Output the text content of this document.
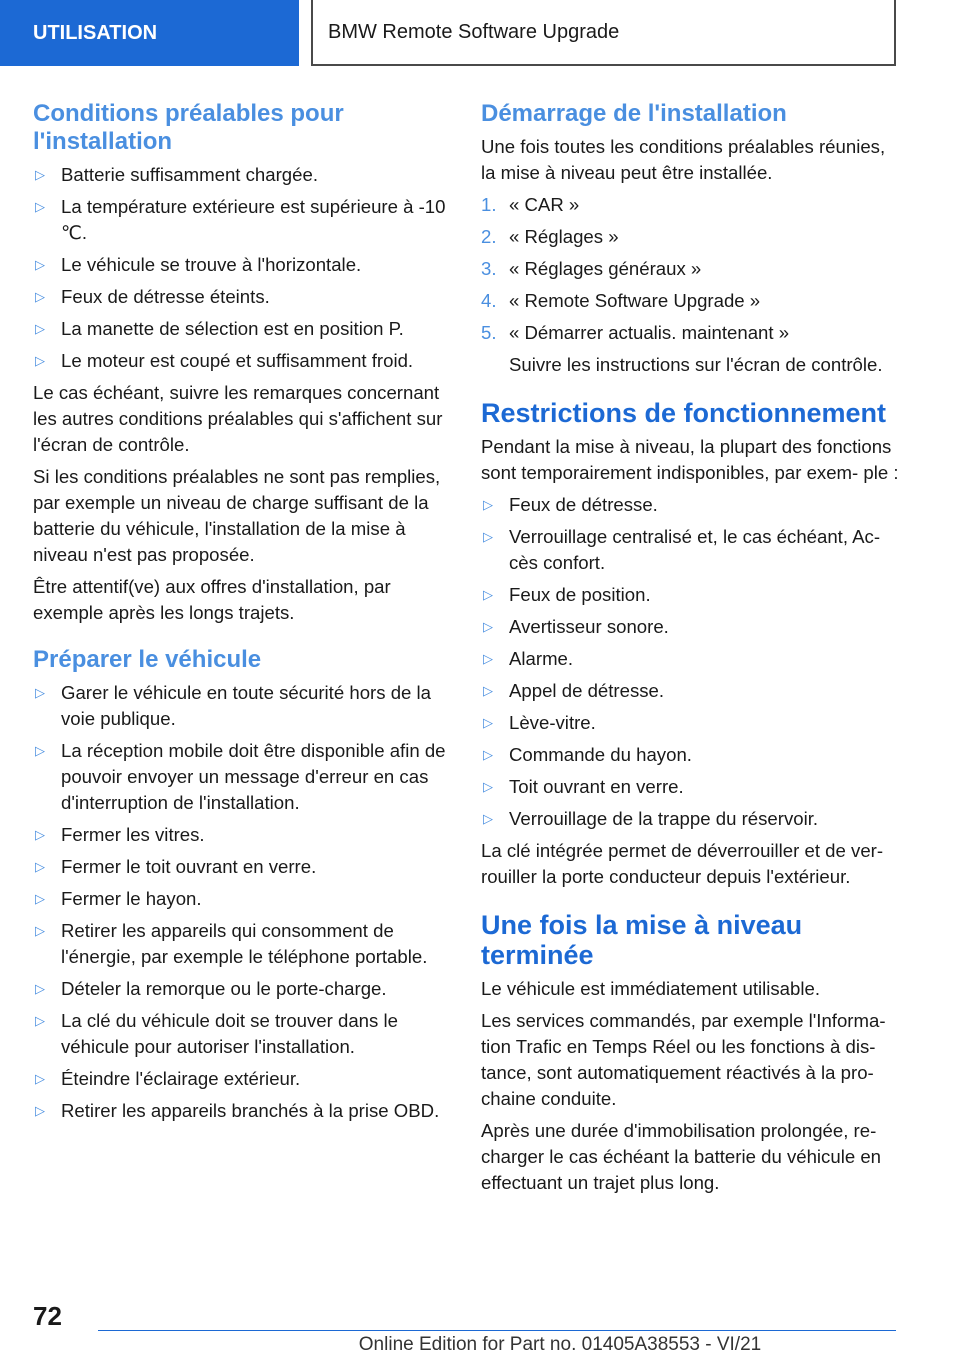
UTILISATION	BMW Remote Software Upgrade
Conditions préalables pour l'installation
▷ Batterie suffisamment chargée.
▷ La température extérieure est supérieure à -10 ℃.
▷ Le véhicule se trouve à l'horizontale.
▷ Feux de détresse éteints.
▷ La manette de sélection est en position P.
▷ Le moteur est coupé et suffisamment froid.

Le cas échéant, suivre les remarques concernant les autres conditions préalables qui s'affichent sur l'écran de contrôle.

Si les conditions préalables ne sont pas remplies, par exemple un niveau de charge suffisant de la batterie du véhicule, l'installation de la mise à niveau n'est pas proposée.

Être attentif(ve) aux offres d'installation, par exemple après les longs trajets.

Préparer le véhicule
▷ Garer le véhicule en toute sécurité hors de la voie publique.
▷ La réception mobile doit être disponible afin de pouvoir envoyer un message d'erreur en cas d'interruption de l'installation.
▷ Fermer les vitres.
▷ Fermer le toit ouvrant en verre.
▷ Fermer le hayon.
▷ Retirer les appareils qui consomment de l'énergie, par exemple le téléphone portable.
▷ Dételer la remorque ou le porte-charge.
▷ La clé du véhicule doit se trouver dans le véhicule pour autoriser l'installation.
▷ Éteindre l'éclairage extérieur.
▷ Retirer les appareils branchés à la prise OBD.
Démarrage de l'installation

Une fois toutes les conditions préalables réunies, la mise à niveau peut être installée.

1. « CAR »
2. « Réglages »
3. « Réglages généraux »
4. « Remote Software Upgrade »
5. « Démarrer actualis. maintenant »

Suivre les instructions sur l'écran de contrôle.

Restrictions de fonctionnement

Pendant la mise à niveau, la plupart des fonctions sont temporairement indisponibles, par exem- ple :

▷ Feux de détresse.
▷ Verrouillage centralisé et, le cas échéant, Ac- cès confort.
▷ Feux de position.
▷ Avertisseur sonore.
▷ Alarme.
▷ Appel de détresse.
▷ Lève-vitre.
▷ Commande du hayon.
▷ Toit ouvrant en verre.
▷ Verrouillage de la trappe du réservoir.

La clé intégrée permet de déverrouiller et de ver- rouiller la porte conducteur depuis l'extérieur.

Une fois la mise à niveau terminée

Le véhicule est immédiatement utilisable.

Les services commandés, par exemple l'Informa- tion Trafic en Temps Réel ou les fonctions à dis- tance, sont automatiquement réactivés à la pro- chaine conduite.

Après une durée d'immobilisation prolongée, re- charger le cas échéant la batterie du véhicule en effectuant un trajet plus long.

72
Online Edition for Part no. 01405A38553 - VI/21
